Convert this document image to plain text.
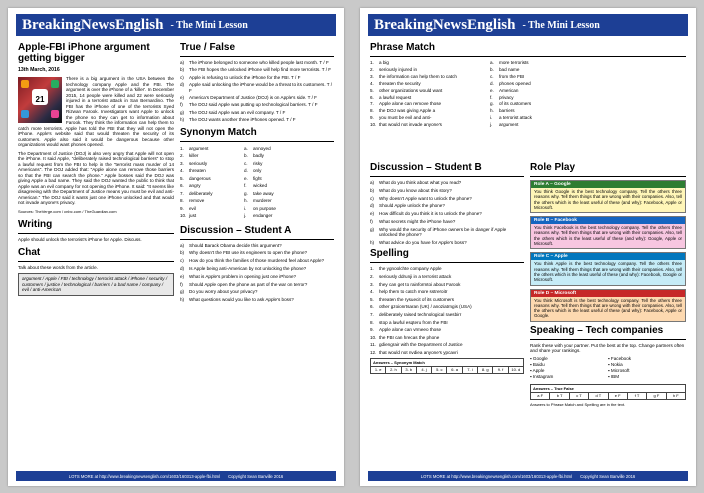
BreakingNewsEnglish - The Mini Lesson
Apple-FBI iPhone argument getting bigger
13th March, 2016
21

There is a big argument in the USA between the technology company Apple and the FBI. The argument is over the iPhone of a 'killer'. In December 2015, 14 people were killed and 22 were seriously injured in a terrorist attack in San Bernardino. The FBI has the iPhone of one of the terrorists Syed Rizwan Farook. Investigators want Apple to unlock the phone so they can get to information about Farook. They think the information can help them to catch more terrorists. Apple has told the FBI that they will not open the iPhone. Apple's website said that would threaten the security of its customers. Apple also said it would be dangerous because other organizations would want phones opened.

The Department of Justice (DOJ) is also very angry that Apple will not open the iPhone. It said Apple, "deliberately raised technological barriers" to stop a lawful request from the FBI to help in the "terrorist mass murder of 14 Americans". The DOJ added that: "Apple alone can remove those barriers so that the FBI can search the phone." Apple bosses said the DOJ was giving Apple a bad name. They said the DOJ wanted the public to think that Apple was an evil company for not opening the iPhone. It said: "It seems like disagreeing with the Department of Justice means you must be evil and anti-American." The DOJ said it wants just one iPhone unlocked and that would not invade anyone's privacy.

Sources: TheVerge.com / cnbc.com / TheGuardian.com

Writing

Apple should unlock the terrorist's iPhone for Apple. Discuss.

Chat

Talk about these words from the article.

argument / Apple / FBI / technology / terrorist attack / iPhone / security / customers / justice / technological / barriers / a bad name / company / evil / anti-American
True / False
a)	The iPhone belonged to someone who killed people last month. T / F
b)	The FBI hopes the unlocked iPhone will help find more terrorists. T / F
c)	Apple is refusing to unlock the iPhone for the FBI. T / F
d)	Apple said unlocking the iPhone would be a threat to its customers. T / F
e)	America's Department of Justice (DOJ) is on Apple's side. T / F
f)	The DOJ said Apple was putting up technological barriers. T / F
g)	The DOJ said Apple was an evil company. T / F
h)	The DOJ wants another three iPhones opened. T / F
Synonym Match
1.	argument	a.	annoyed
2.	killer	b.	badly
3.	seriously	c.	risky
4.	threaten	d.	only
5.	dangerous	e.	fight
6.	angry	f.	wicked
7.	deliberately	g.	take away
8.	remove	h.	murderer
9.	evil	i.	on purpose
10. just	j.	endanger
Discussion – Student A
a)	Should Barack Obama decide this argument?
b)	Why doesn't the FBI use its engineers to open the phone?
c)	How do you think the families of those murdered feel about Apple?
d)	Is Apple being anti-American by not unlocking the phone?
e)	What is Apple's problem in opening just one iPhone?
f)	Should Apple open the phone as part of the war on terror?
g)	Do you worry about your privacy?
h)	What questions would you like to ask Apple's boss?
LOTS MORE at http://www.breakingnewsenglish.com/1603/160313-apple-fbi.html Copyright Sean Banville 2016
BreakingNewsEnglish - The Mini Lesson
Phrase Match
1.	a big	a.	more terrorists
2.	seriously injured in	b.	bad name
3.	the information can help them to catch	c.	from the FBI
4.	threaten the security	d.	phones opened
5.	other organizations would want	e.	American
6.	a lawful request	f.	privacy
7.	Apple alone can remove those	g.	of its customers
8.	the DOJ was giving Apple a	h.	barriers
9.	you must be evil and anti-	i.	a terrorist attack
10. that would not invade anyone's	j.	argument
Discussion – Student B
a)	What do you think about what you read?
b)	What do you know about this story?
c)	Why doesn't Apple want to unlock the phone?
d)	Should Apple unlock the phone?
e)	How difficult do you think it is to unlock the phone?
f)	What secrets might the iPhone have?
g)	Why would the security of iPhone owners be in danger if Apple unlocked the phone?
h)	What advice do you have for Apple's boss?
Spelling
1.	the ygnoolchte company Apple
2.	seriously ddrunji in a terrorist attack
3.	they can get to rainformtoi about Farook
4.	help them to catch more sstreroitr
5.	threaten the rysuecit of its customers
6.	other gzoionrtsaran (UK) / anoziatrngis (USA)
7.	deliberately raised technological raesbirr
8.	stop a lawful esqteru from the FBI
9.	Apple alone can vrmeeo those
10. the FBI can hrecas the phone
11. gdiengrair with the Department of Justice
12. that would not nvdiea anyone's ypcavri
Answers – Synonym Match
1. e	2. h	3. b	4. j	5. c	6. a	7. i	8. g	9. f	10. d
Role Play
Role A – Google
You think Google is the best technology company. Tell the others three reasons why. Tell them things that are wrong with their companies. Also, tell the others which is the least useful of these (and why): Facebook, Apple or Microsoft.
Role B – Facebook
You think Facebook is the best technology company. Tell the others three reasons why. Tell them things that are wrong with their companies. Also, tell the others which is the least useful of these (and why): Google, Apple or Microsoft.
Role C – Apple
You think Apple is the best technology company. Tell the others three reasons why. Tell them things that are wrong with their companies. Also, tell the others which is the least useful of these (and why): Facebook, Google or Microsoft.
Role D – Microsoft
You think Microsoft is the best technology company. Tell the others three reasons why. Tell them things that are wrong with their companies. Also, tell the others which is the least useful of these (and why): Facebook, Apple or Google.
Speaking – Tech companies

Rank these with your partner. Put the best at the top. Change partners often and share your rankings.

▪ Google	▪ Facebook
▪ Baidu	▪ Nokia
▪ Apple	▪ Microsoft
▪ Instagram	▪ IBM
Answers – True False
a F	b T	c T	d T	e F	f T	g F	h F

Answers to Phrase Match and Spelling are in the text.

LOTS MORE at http://www.breakingnewsenglish.com/1603/160313-apple-fbi.html Copyright Sean Banville 2016
